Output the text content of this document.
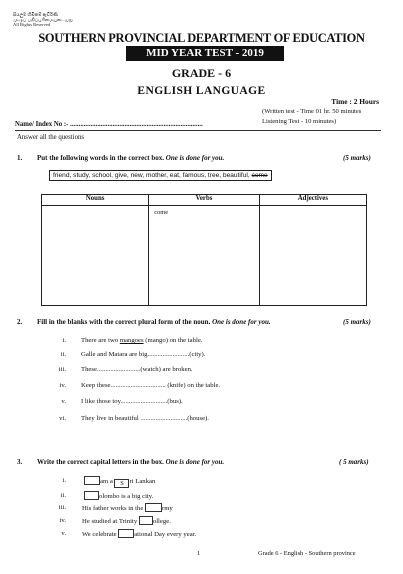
සියලුම හිමිකම් ඇවිරිණි
முழுப் பதிப்புரிமையுடையது
All Rights Reserved
SOUTHERN PROVINCIAL DEPARTMENT OF EDUCATION
MID YEAR TEST - 2019
GRADE - 6
ENGLISH LANGUAGE
Time : 2 Hours
(Written test - Time 01 hr. 50 minutes
Listening Test - 10 minutes)
Name/ Index No :- ..............................................................................
Answer all the questions
1. Put the following words in the correct box. One is done for you.	(5 marks)
friend, study, school, give, new, mother, eat, famous, tree, beautiful, come
Nouns	Verbs	Adjectives

	come	

2. Fill in the blanks with the correct plural form of the noun. One is done for you.	(5 marks)
i. There are two mangoes (mango) on the table.
ii. Galle and Matara are big.........................(city).
iii. These..........................(watch) are broken.
iv. Keep these................................. (knife) on the table.
v. I like those toy............................(bus).
vi. They live in beautiful ............................(house).
3. Write the correct capital letters in the box. One is done for you.	( 5 marks)
i.	am a S ri Lankan
ii.	olombo is a big city.
iii. His father works in the	rmy
iv. He studied at Trinity ollege.
v. We celebrate ational Day every year.
1	Grade 6 - English - Southern province
